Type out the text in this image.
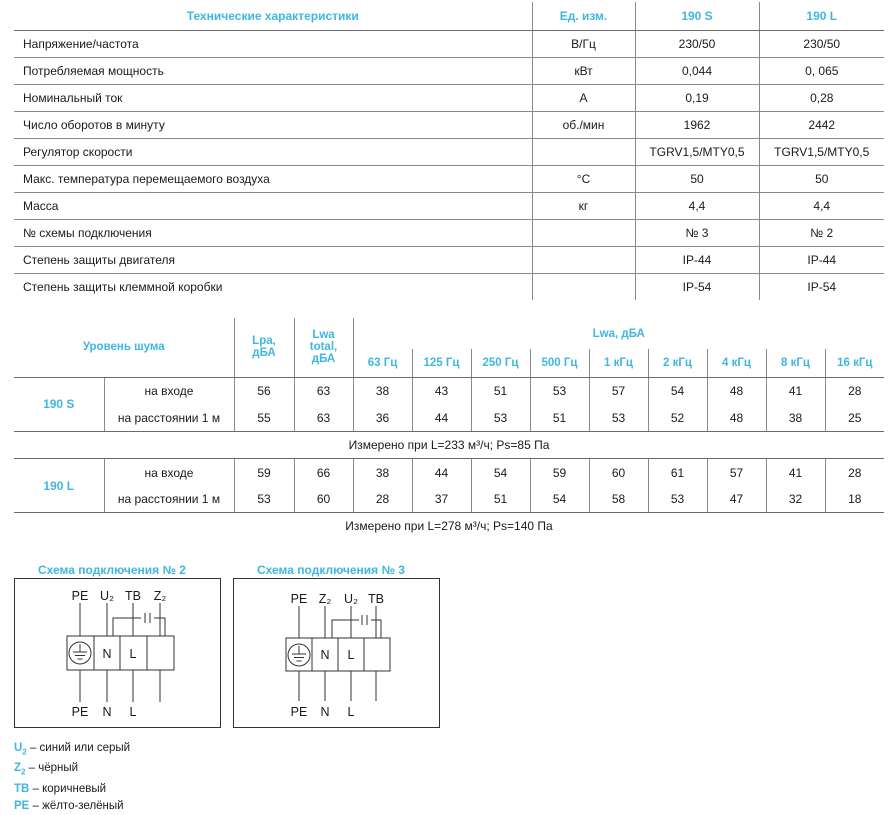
Технические характеристики	Ед. изм.	190 S	190 L
Напряжение/частота	В/Гц	230/50	230/50
Потребляемая мощность	кВт	0,044	0, 065
Номинальный ток	А	0,19	0,28
Число оборотов в минуту	об./мин	1962	2442
Регулятор скорости		TGRV1,5/MTY0,5	TGRV1,5/MTY0,5
Макс. температура перемещаемого воздуха	°С	50	50
Масса	кг	4,4	4,4
№ схемы подключения		№ 3	№ 2
Степень защиты двигателя		IP-44	IP-44
Степень защиты клеммной коробки		IP-54	IP-54
Уровень шума		Lpa, дБА	Lwa total, дБА	Lwa, дБА								
				63 Гц	125 Гц	250 Гц	500 Гц	1 кГц	2 кГц	4 кГц	8 кГц	16 кГц
190 S	на входе	56	63	38	43	51	53	57	54	48	41	28
	на расстоянии 1 м	55	63	36	44	53	51	53	52	48	38	25
Измерено при L=233 м³/ч; Ps=85 Па
190 L	на входе	59	66	38	44	54	59	60	61	57	41	28
	на расстоянии 1 м	53	60	28	37	51	54	58	53	47	32	18
Измерено при L=278 м³/ч; Ps=140 Па
Схема подключения № 2
PE U₂ TB Z₂
N L
PE N L
Схема подключения № 3
PE Z₂ U₂ TB
N L
PE N L
$U_2$ – синий или серый
$Z_2$ – чёрный
TB – коричневый
PE – жёлто-зелёный
